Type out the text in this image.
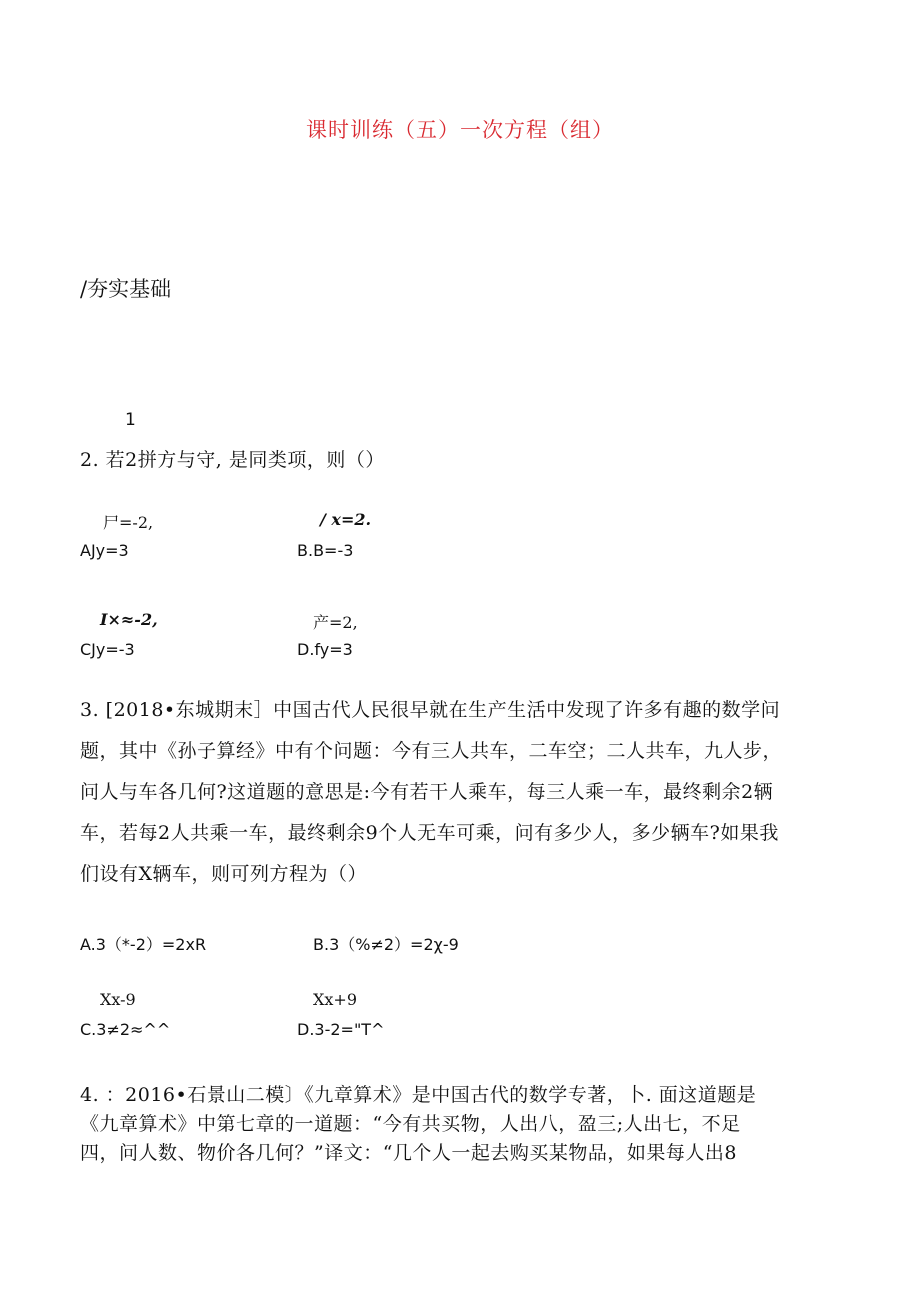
课时训练（五）一次方程（组）
/夯实基础
1
2. 若2拼方与守, 是同类项，则（）
尸=-2,	/ x=2.
AJy=3	B.B=-3
I×≈-2,	产=2,
CJy=-3	D.fy=3
3. [2018•东城期末］中国古代人民很早就在生产生活中发现了许多有趣的数学问
题，其中《孙子算经》中有个问题：今有三人共车，二车空；二人共车，九人步，
问人与车各几何?这道题的意思是:今有若干人乘车，每三人乘一车，最终剩余2辆
车，若每2人共乘一车，最终剩余9个人无车可乘，问有多少人，多少辆车?如果我
们设有X辆车，则可列方程为（）
A.3（*-2）=2xR	B.3（%≠2）=2χ-9
Xx-9	Xx+9
C.3≠2≈^^	D.3-2="T^
4. ：2016•石景山二模〕《九章算术》是中国古代的数学专著，卜. 面这道题是
《九章算术》中第七章的一道题：“今有共买物，人出八，盈三;人出七，不足
四，问人数、物价各几何？”译文：“几个人一起去购买某物品，如果每人出8
